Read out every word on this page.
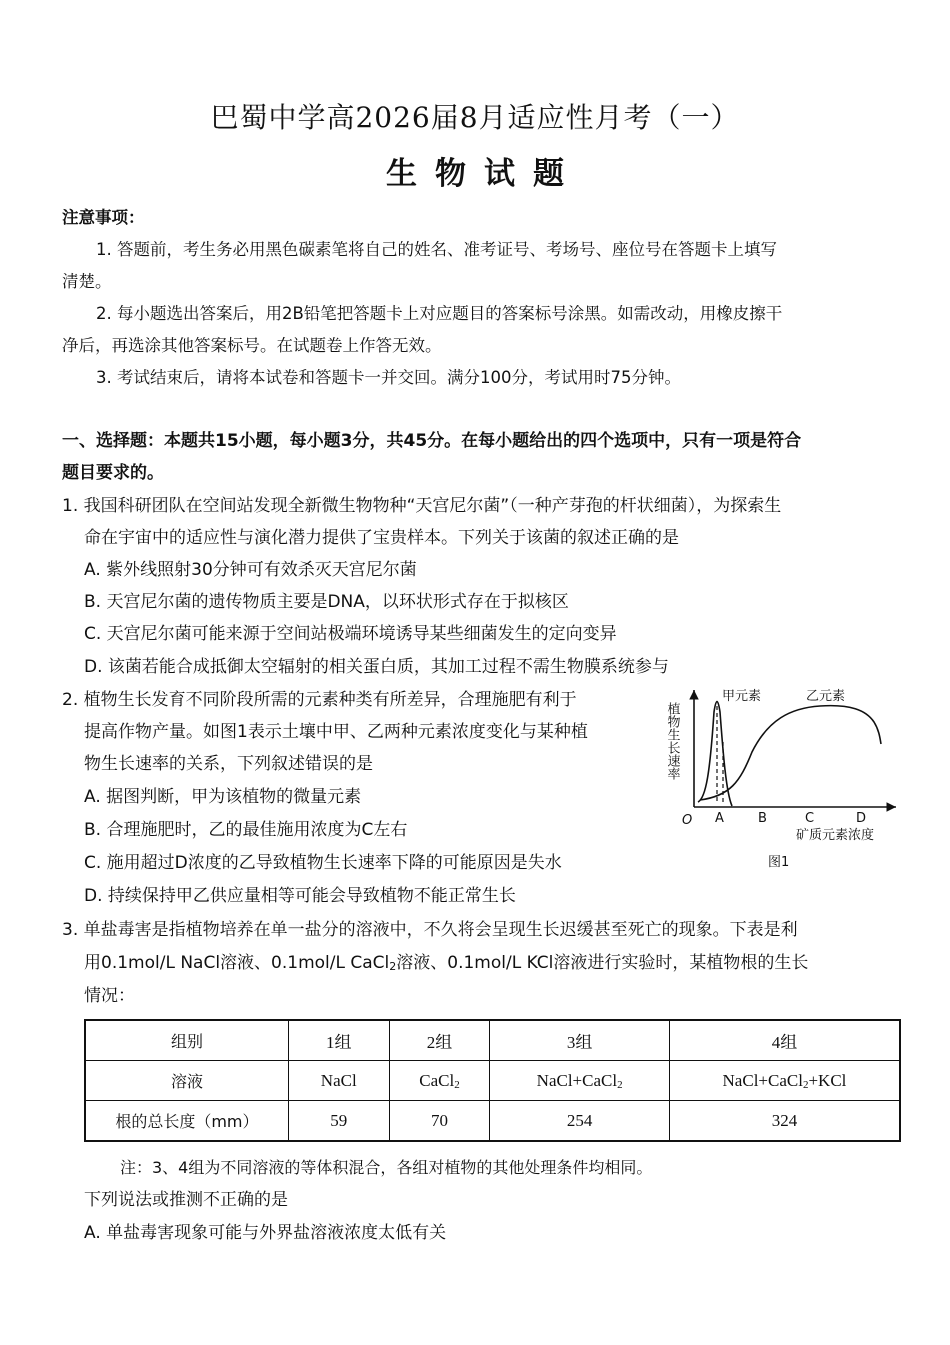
巴蜀中学高2026届8月适应性月考（一）
生物试题
注意事项：
1. 答题前，考生务必用黑色碳素笔将自己的姓名、准考证号、考场号、座位号在答题卡上填写
清楚。
2. 每小题选出答案后，用2B铅笔把答题卡上对应题目的答案标号涂黑。如需改动，用橡皮擦干
净后，再选涂其他答案标号。在试题卷上作答无效。
3. 考试结束后，请将本试卷和答题卡一并交回。满分100分，考试用时75分钟。
一、选择题：本题共15小题，每小题3分，共45分。在每小题给出的四个选项中，只有一项是符合
题目要求的。
1. 我国科研团队在空间站发现全新微生物物种“天宫尼尔菌”（一种产芽孢的杆状细菌），为探索生
命在宇宙中的适应性与演化潜力提供了宝贵样本。下列关于该菌的叙述正确的是
A. 紫外线照射30分钟可有效杀灭天宫尼尔菌
B. 天宫尼尔菌的遗传物质主要是DNA，以环状形式存在于拟核区
C. 天宫尼尔菌可能来源于空间站极端环境诱导某些细菌发生的定向变异
D. 该菌若能合成抵御太空辐射的相关蛋白质，其加工过程不需生物膜系统参与
2. 植物生长发育不同阶段所需的元素种类有所差异，合理施肥有利于
提高作物产量。如图1表示土壤中甲、乙两种元素浓度变化与某种植
物生长速率的关系，下列叙述错误的是
A. 据图判断，甲为该植物的微量元素
B. 合理施肥时，乙的最佳施用浓度为C左右
C. 施用超过D浓度的乙导致植物生长速率下降的可能原因是失水
D. 持续保持甲乙供应量相等可能会导致植物不能正常生长
植物生长速率
甲元素	乙元素
O A	B	C	D
矿质元素浓度
图1
3. 单盐毒害是指植物培养在单一盐分的溶液中，不久将会呈现生长迟缓甚至死亡的现象。下表是利
用0.1mol/L NaCl溶液、0.1mol/L CaCl$_2$溶液、0.1mol/L KCl溶液进行实验时，某植物根的生长
情况：
组别	1组	2组	3组	4组
溶液	NaCl	CaCl$_2$	NaCl+CaCl$_2$	NaCl+CaCl$_2$+KCl
根的总长度（mm）	59	70	254	324
注：3、4组为不同溶液的等体积混合，各组对植物的其他处理条件均相同。
下列说法或推测不正确的是
A. 单盐毒害现象可能与外界盐溶液浓度太低有关
